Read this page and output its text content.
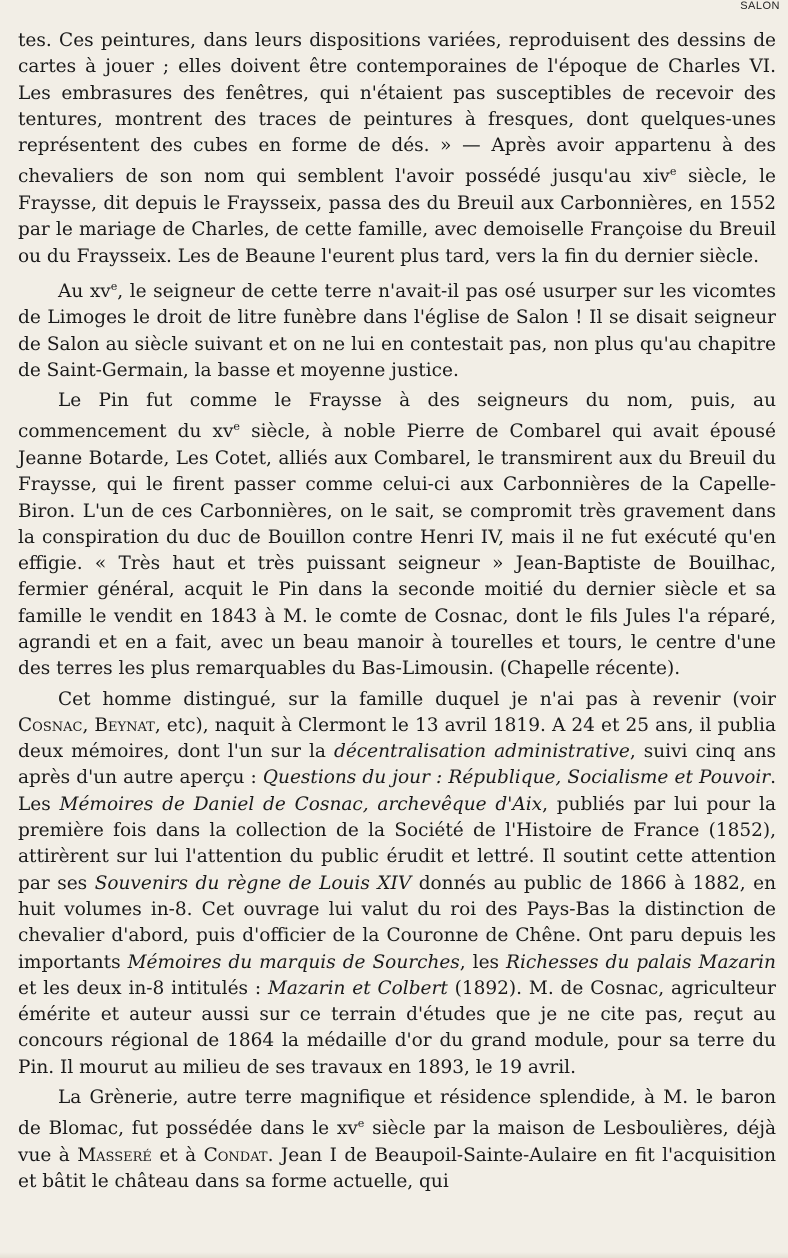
SALON

tes. Ces peintures, dans leurs dispositions variées, reproduisent des dessins de cartes à jouer ; elles doivent être contemporaines de l'époque de Charles VI. Les embrasures des fenêtres, qui n'étaient pas susceptibles de recevoir des tentures, montrent des traces de peintures à fresques, dont quelques-unes représentent des cubes en forme de dés. » — Après avoir appartenu à des chevaliers de son nom qui semblent l'avoir possédé jusqu'au xiv$^e$ siècle, le Fraysse, dit depuis le Fraysseix, passa des du Breuil aux Carbonnières, en 1552 par le mariage de Charles, de cette famille, avec demoiselle Françoise du Breuil ou du Fraysseix. Les de Beaune l'eurent plus tard, vers la fin du dernier siècle.

Au $xv^e$, le seigneur de cette terre n'avait-il pas osé usurper sur les vicomtes de Limoges le droit de litre funèbre dans l'église de Salon ! Il se disait seigneur de Salon au siècle suivant et on ne lui en contestait pas, non plus qu'au chapitre de Saint-Germain, la basse et moyenne justice.

Le Pin fut comme le Fraysse à des seigneurs du nom, puis, au commencement du $xv^e$ siècle, à noble Pierre de Combarel qui avait épousé Jeanne Botarde, Les Cotet, alliés aux Combarel, le transmirent aux du Breuil du Fraysse, qui le firent passer comme celui-ci aux Carbonnières de la Capelle-Biron. L'un de ces Carbonnières, on le sait, se compromit très gravement dans la conspiration du duc de Bouillon contre Henri IV, mais il ne fut exécuté qu'en effigie. « Très haut et très puissant seigneur » Jean-Baptiste de Bouilhac, fermier général, acquit le Pin dans la seconde moitié du dernier siècle et sa famille le vendit en 1843 à M. le comte de Cosnac, dont le fils Jules l'a réparé, agrandi et en a fait, avec un beau manoir à tourelles et tours, le centre d'une des terres les plus remarquables du Bas-Limousin. (Chapelle récente).

Cet homme distingué, sur la famille duquel je n'ai pas à revenir (voir Cosnac, Beynat, etc), naquit à Clermont le 13 avril 1819. A 24 et 25 ans, il publia deux mémoires, dont l'un sur la décentralisation administrative, suivi cinq ans après d'un autre aperçu : Questions du jour : République, Socialisme et Pouvoir. Les Mémoires de Daniel de Cosnac, archevêque d'Aix, publiés par lui pour la première fois dans la collection de la Société de l'Histoire de France (1852), attirèrent sur lui l'attention du public érudit et lettré. Il soutint cette attention par ses Souvenirs du règne de Louis XIV donnés au public de 1866 à 1882, en huit volumes in-8. Cet ouvrage lui valut du roi des Pays-Bas la distinction de chevalier d'abord, puis d'officier de la Couronne de Chêne. Ont paru depuis les importants Mémoires du marquis de Sourches, les Richesses du palais Mazarin et les deux in-8 intitulés : Mazarin et Colbert (1892). M. de Cosnac, agriculteur émérite et auteur aussi sur ce terrain d'études que je ne cite pas, reçut au concours régional de 1864 la médaille d'or du grand module, pour sa terre du Pin. Il mourut au milieu de ses travaux en 1893, le 19 avril.

La Grènerie, autre terre magnifique et résidence splendide, à M. le baron de Blomac, fut possédée dans le $xv^e$ siècle par la maison de Lesboulières, déjà vue à Masseré et à Condat. Jean I de Beaupoil-Sainte-Aulaire en fit l'acquisition et bâtit le château dans sa forme actuelle, qui
